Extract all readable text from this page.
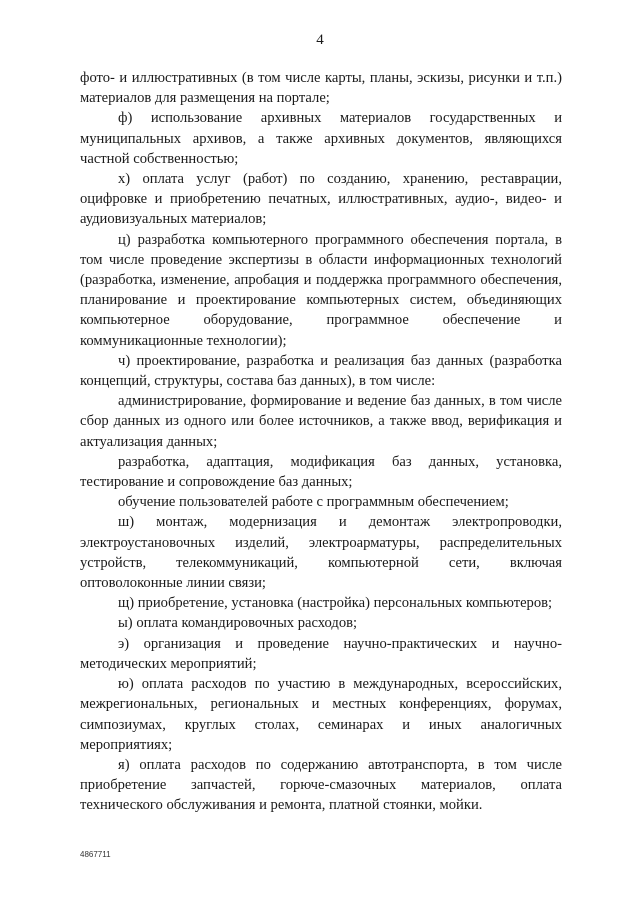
4

фото- и иллюстративных (в том числе карты, планы, эскизы, рисунки и т.п.) материалов для размещения на портале;

ф) использование архивных материалов государственных и муниципальных архивов, а также архивных документов, являющихся частной собственностью;

х) оплата услуг (работ) по созданию, хранению, реставрации, оцифровке и приобретению печатных, иллюстративных, аудио-, видео- и аудиовизуальных материалов;

ц) разработка компьютерного программного обеспечения портала, в том числе проведение экспертизы в области информационных технологий (разработка, изменение, апробация и поддержка программного обеспечения, планирование и проектирование компьютерных систем, объединяющих компьютерное оборудование, программное обеспечение и коммуникационные технологии);

ч) проектирование, разработка и реализация баз данных (разработка концепций, структуры, состава баз данных), в том числе:

администрирование, формирование и ведение баз данных, в том числе сбор данных из одного или более источников, а также ввод, верификация и актуализация данных;

разработка, адаптация, модификация баз данных, установка, тестирование и сопровождение баз данных;

обучение пользователей работе с программным обеспечением;

ш) монтаж, модернизация и демонтаж электропроводки, электроустановочных изделий, электроарматуры, распределительных устройств, телекоммуникаций, компьютерной сети, включая оптоволоконные линии связи;

щ) приобретение, установка (настройка) персональных компьютеров;

ы) оплата командировочных расходов;

э) организация и проведение научно-практических и научно-методических мероприятий;

ю) оплата расходов по участию в международных, всероссийских, межрегиональных, региональных и местных конференциях, форумах, симпозиумах, круглых столах, семинарах и иных аналогичных мероприятиях;

я) оплата расходов по содержанию автотранспорта, в том числе приобретение запчастей, горюче-смазочных материалов, оплата технического обслуживания и ремонта, платной стоянки, мойки.

4867711
